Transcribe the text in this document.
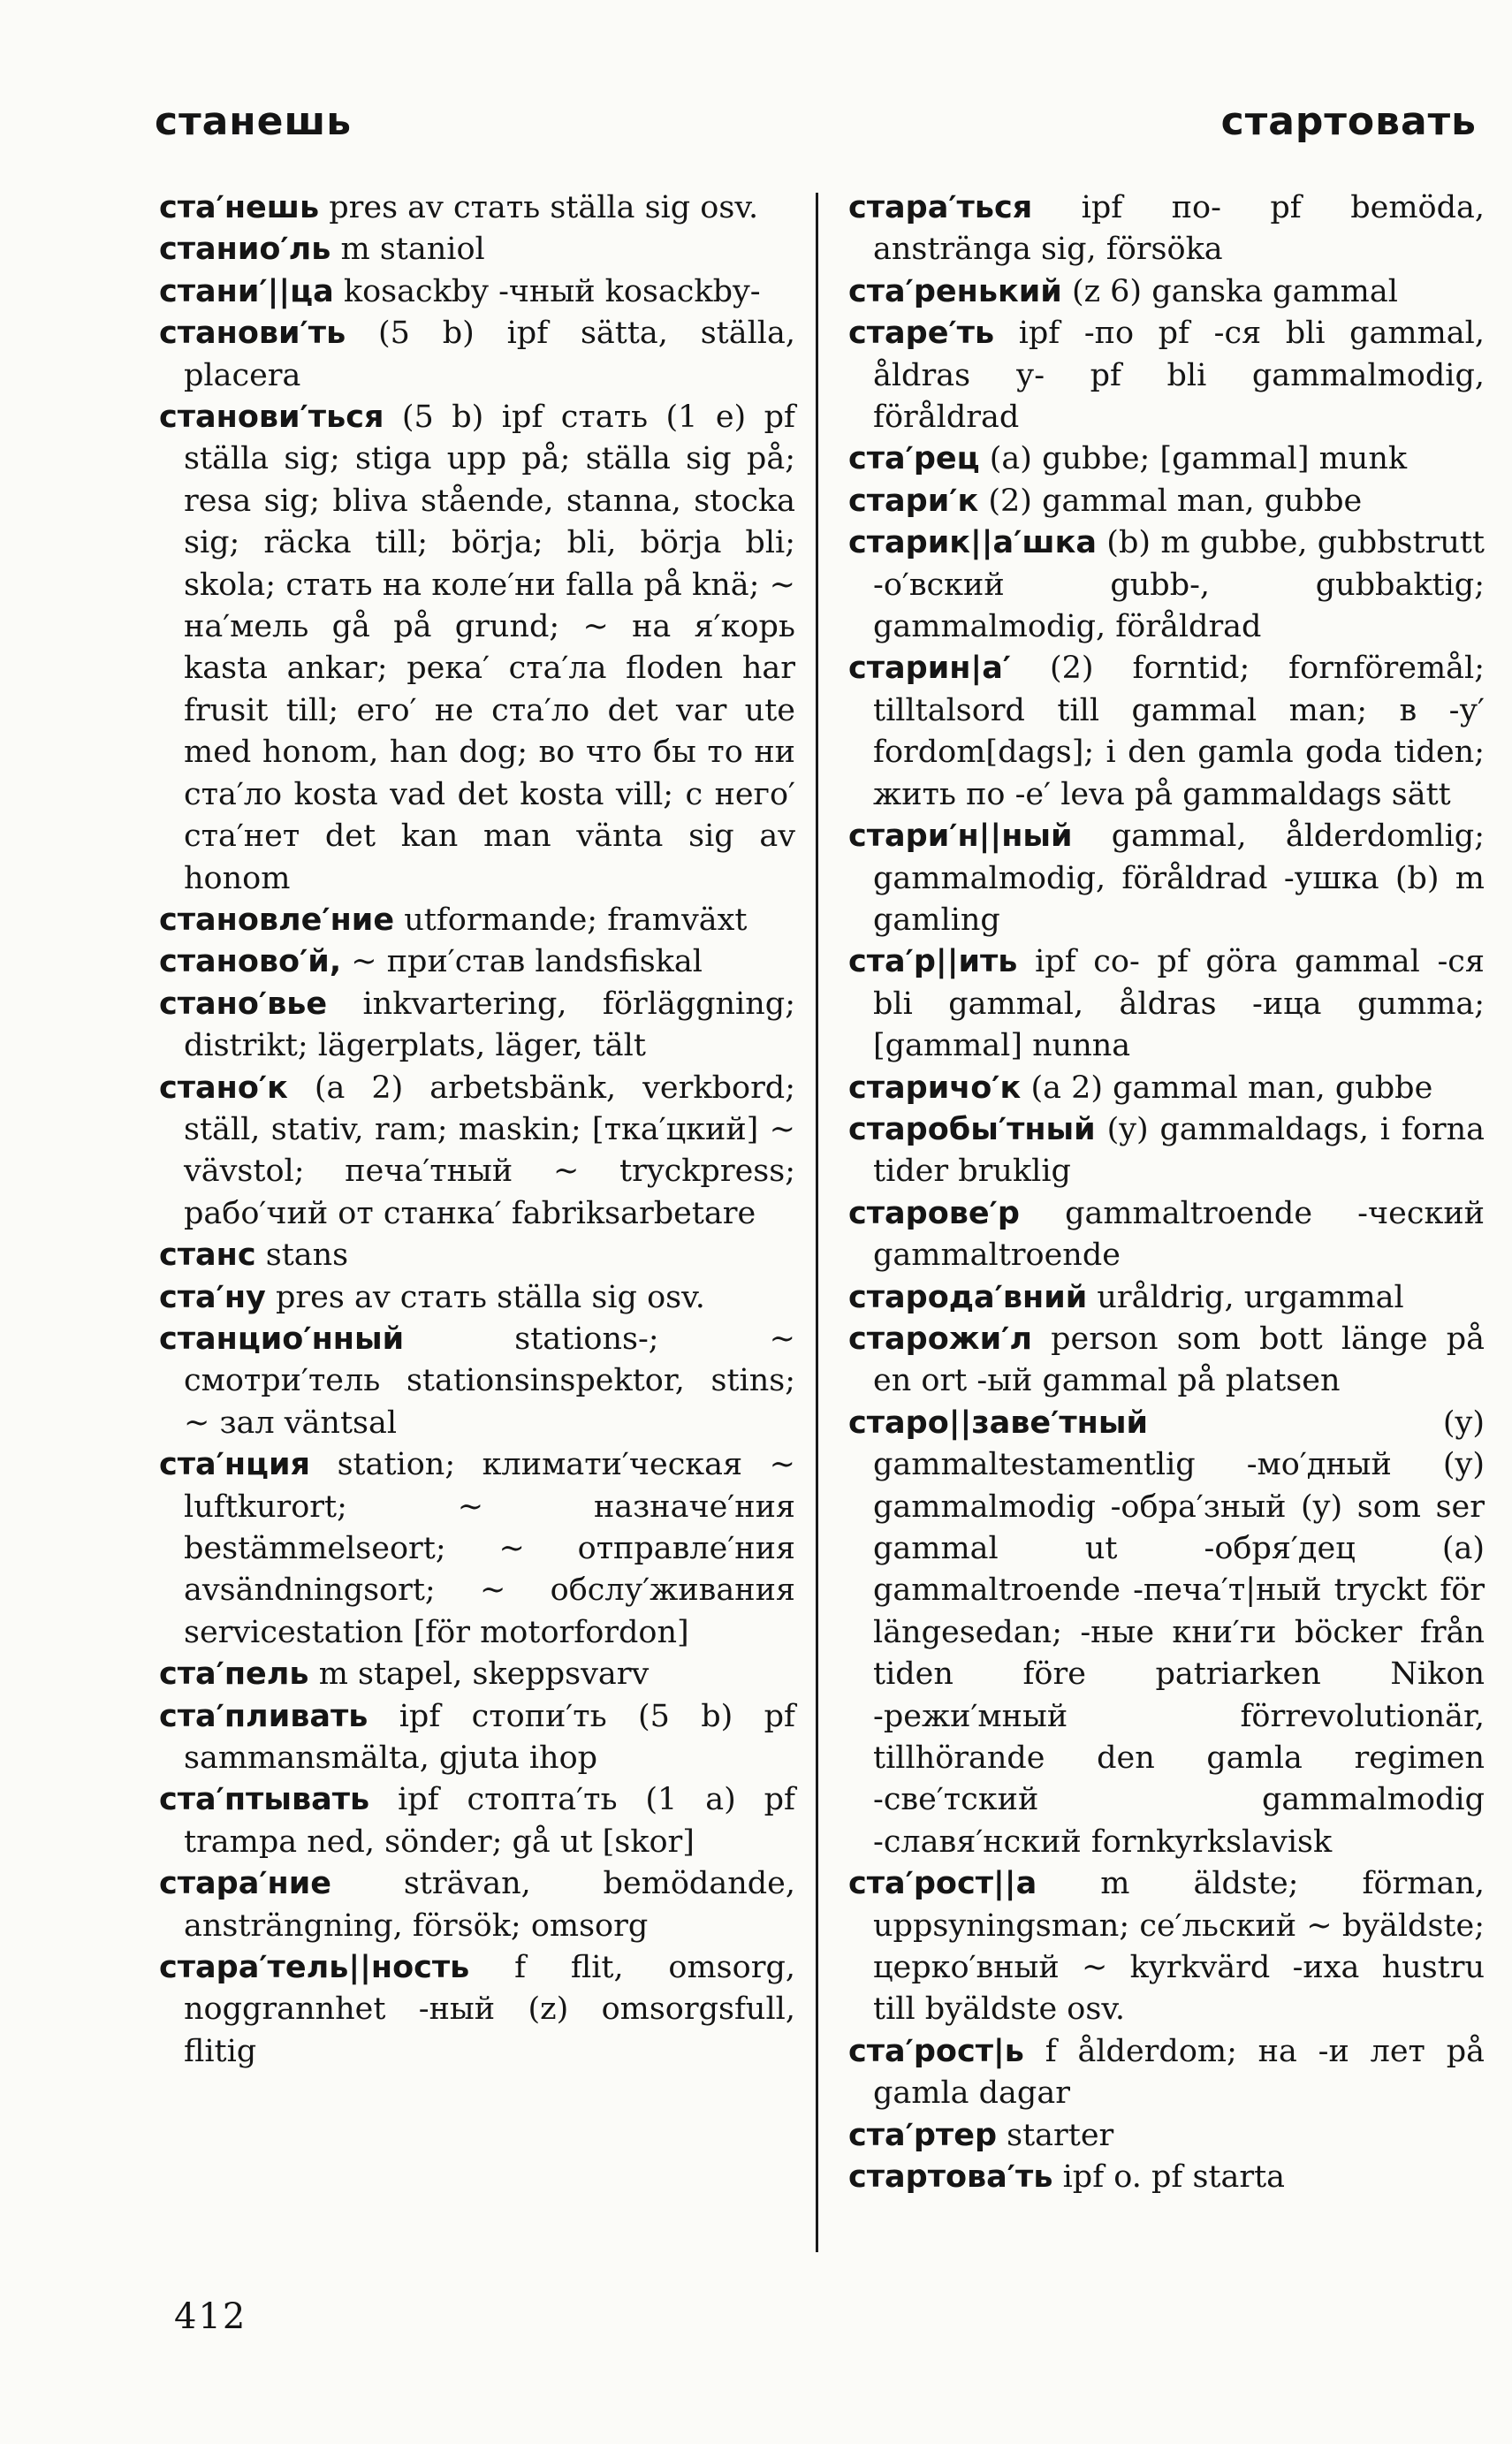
станешь	стартовать

ста′нешь pres av стать ställa sig osv.

станио′ль m staniol

стани′||ца kosackby -чный kosackby-

станови′ть (5 b) ipf sätta, ställa, placera

станови′ться (5 b) ipf стать (1 e) pf ställa sig; stiga upp på; ställa sig på; resa sig; bliva stående, stanna, stocka sig; räcka till; börja; bli, börja bli; skola; стать на коле′ни falla på knä; ~ на′мель gå på grund; ~ на я′корь kasta ankar; река′ ста′ла floden har frusit till; его′ не ста′ло det var ute med honom, han dog; во что бы то ни ста′ло kosta vad det kosta vill; с него′ ста′нет det kan man vänta sig av honom

становле′ние utformande; framväxt

станово′й, ~ при′став landsfiskal

стано′вье inkvartering, förläggning; distrikt; lägerplats, läger, tält

стано′к (a 2) arbetsbänk, verkbord; ställ, stativ, ram; maskin; [тка′цкий] ~ vävstol; печа′тный ~ tryckpress; рабо′чий от станка′ fabriksarbetare

станс stans

ста′ну pres av стать ställa sig osv.

станцио′нный	stations-; ~ смотри′тель stationsinspektor, stins; ~ зал väntsal

ста′нция station; климати′ческая ~ luftkurort; ~ назначе′ния bestämmelseort; ~ отправле′ния avsändningsort; ~ обслу′живания servicestation [för motorfordon]

ста′пель m stapel, skeppsvarv

ста′пливать ipf стопи′ть (5 b) pf sammansmälta, gjuta ihop

ста′птывать ipf стопта′ть (1 a) pf trampa ned, sönder; gå ut [skor]

стара′ние strävan, bemödande, ansträngning, försök; omsorg

стара′тель||ность f flit, omsorg, noggrannhet -ный (z) omsorgsfull, flitig

стара′ться ipf по- pf bemöda, anstränga sig, försöka

ста′ренький (z 6) ganska gammal

старе′ть ipf -по pf -ся bli gammal, åldras у- pf bli gammalmodig, föråldrad

ста′рец (a) gubbe; [gammal] munk

стари′к (2) gammal man, gubbe

старик||а′шка (b) m gubbe, gubbstrutt -о′вский gubb-, gubbaktig; gammalmodig, föråldrad

старин|а′ (2) forntid; fornföremål; tilltalsord till gammal man; в -у′ fordom[dags]; i den gamla goda tiden; жить по -е′ leva på gammaldags sätt

стари′н||ный gammal, ålderdomlig; gammalmodig, föråldrad -ушка (b) m gamling

ста′р||ить ipf со- pf göra gammal -ся bli gammal, åldras -ица gumma; [gammal] nunna

старичо′к (a 2) gammal man, gubbe

старобы′тный (y) gammaldags, i forna tider bruklig

старове′р gammaltroende -ческий gammaltroende

старода′вний uråldrig, urgammal

старожи′л person som bott länge på en ort -ый gammal på platsen

старо||заве′тный	(y) gammaltestamentlig -мо′дный (y) gammalmodig -обра′зный (y) som ser gammal ut -обря′дец (a) gammaltroende -печа′т|ный tryckt för längesedan; -ные кни′ги böcker från tiden före patriarken Nikon -режи′мный förrevolutionär, tillhörande den gamla regimen -све′тский gammalmodig -славя′нский fornkyrkslavisk

ста′рост||а m äldste; förman, uppsyningsman; се′льский ~ byäldste; церко′вный ~ kyrkvärd -иха hustru till byäldste osv.

ста′рост|ь f ålderdom; на -и лет på gamla dagar

ста′ртер starter

стартова′ть ipf o. pf starta

412
